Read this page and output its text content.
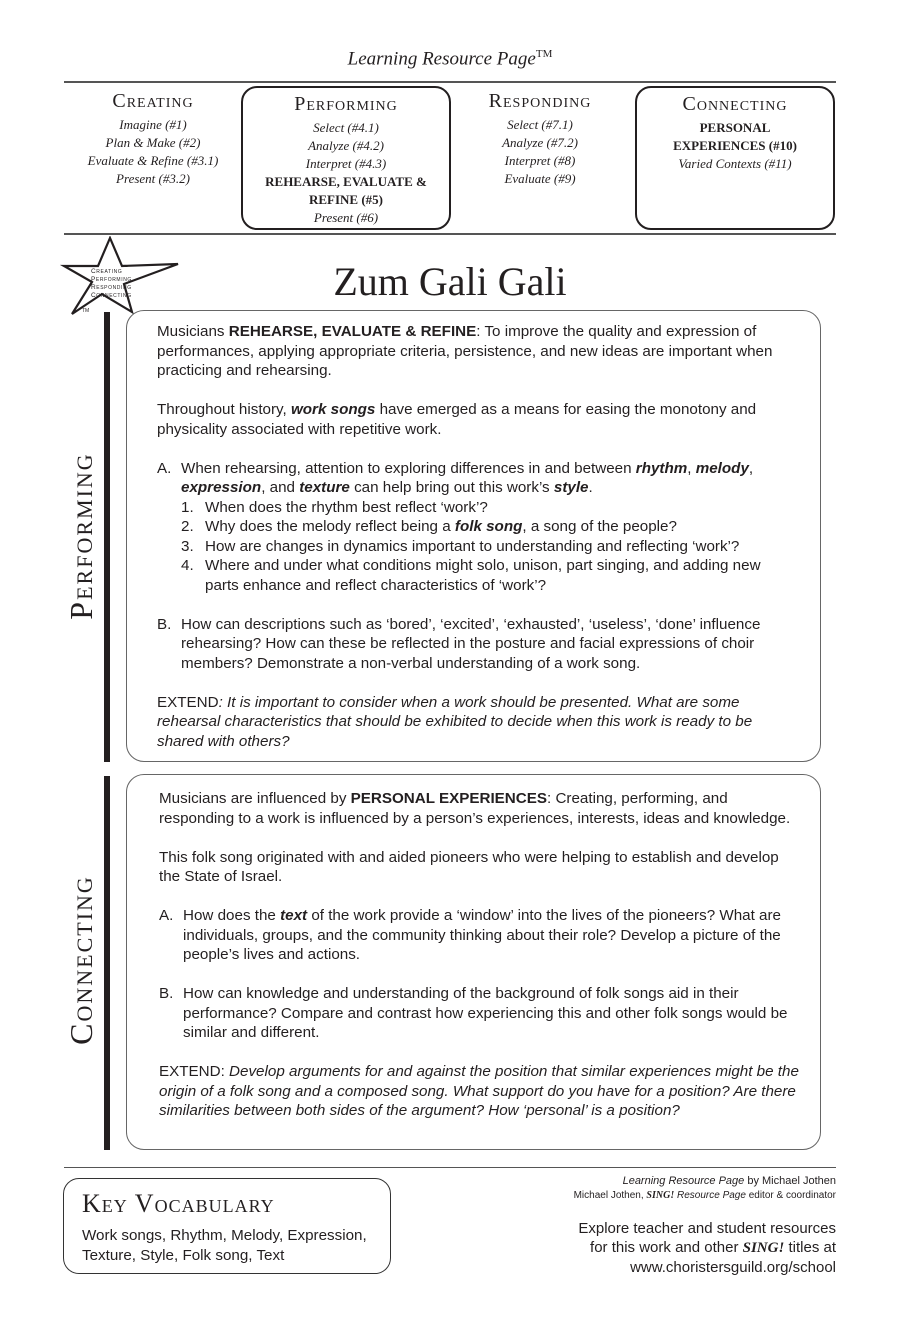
Learning Resource Page™
Creating
Imagine (#1)
Plan & Make (#2)
Evaluate & Refine (#3.1)
Present (#3.2)
Performing
Select (#4.1)
Analyze (#4.2)
Interpret (#4.3)
REHEARSE, EVALUATE & REFINE (#5)
Present (#6)
Responding
Select (#7.1)
Analyze (#7.2)
Interpret (#8)
Evaluate (#9)
Connecting
PERSONAL EXPERIENCES (#10)
Varied Contexts (#11)
Creating
Performing
Responding
Connecting
TM
Zum Gali Gali
Performing

Musicians REHEARSE, EVALUATE & REFINE: To improve the quality and expression of performances, applying appropriate criteria, persistence, and new ideas are important when practicing and rehearsing.

Throughout history, work songs have emerged as a means for easing the monotony and physicality associated with repetitive work.

A. When rehearsing, attention to exploring differences in and between rhythm, melody, expression, and texture can help bring out this work’s style.
1. When does the rhythm best reflect ‘work’?
2. Why does the melody reflect being a folk song, a song of the people?
3. How are changes in dynamics important to understanding and reflecting ‘work’?
4. Where and under what conditions might solo, unison, part singing, and adding new parts enhance and reflect characteristics of ‘work’?
B. How can descriptions such as ‘bored’, ‘excited’, ‘exhausted’, ‘useless’, ‘done’ influence rehearsing? How can these be reflected in the posture and facial expressions of choir members? Demonstrate a non-verbal understanding of a work song.
EXTEND: It is important to consider when a work should be presented. What are some rehearsal characteristics that should be exhibited to decide when this work is ready to be shared with others?
Connecting

Musicians are influenced by PERSONAL EXPERIENCES: Creating, performing, and responding to a work is influenced by a person’s experiences, interests, ideas and knowledge.

This folk song originated with and aided pioneers who were helping to establish and develop the State of Israel.

A. How does the text of the work provide a ‘window’ into the lives of the pioneers? What are individuals, groups, and the community thinking about their role? Develop a picture of the people’s lives and actions.
B. How can knowledge and understanding of the background of folk songs aid in their performance? Compare and contrast how experiencing this and other folk songs would be similar and different.
EXTEND: Develop arguments for and against the position that similar experiences might be the origin of a folk song and a composed song. What support do you have for a position? Are there similarities between both sides of the argument? How ‘personal’ is a position?
Key Vocabulary
Work songs, Rhythm, Melody, Expression, Texture, Style, Folk song, Text
Learning Resource Page by Michael Jothen
Michael Jothen, SING! Resource Page editor & coordinator
Explore teacher and student resources
for this work and other SING! titles at
www.choristersguild.org/school
